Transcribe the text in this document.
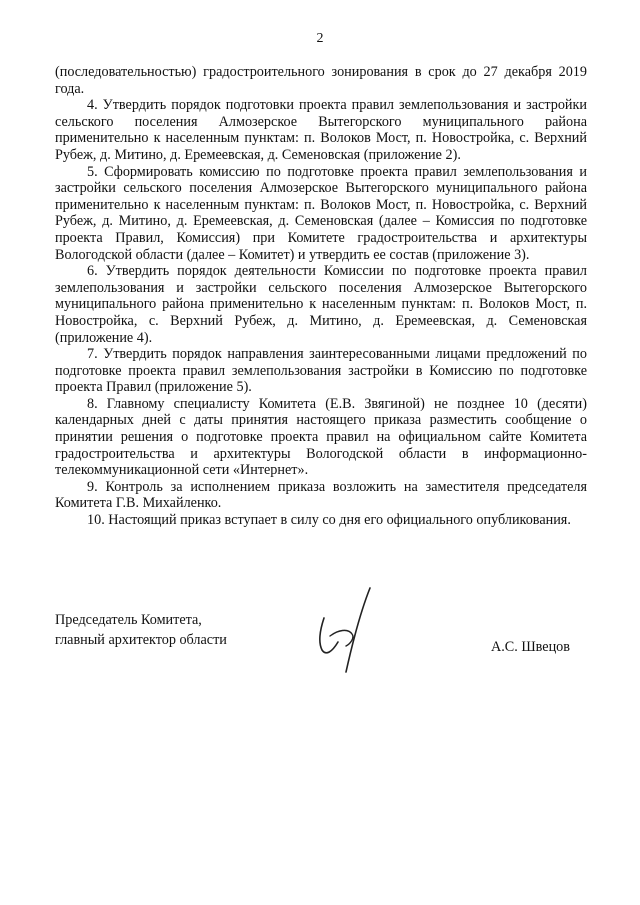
2

(последовательностью) градостроительного зонирования в срок до 27 декабря 2019 года.

4. Утвердить порядок подготовки проекта правил землепользования и застройки сельского поселения Алмозерское Вытегорского муниципального района применительно к населенным пунктам: п. Волоков Мост, п. Новостройка, с. Верхний Рубеж, д. Митино, д. Еремеевская, д. Семеновская (приложение 2).

5. Сформировать комиссию по подготовке проекта правил землепользования и застройки сельского поселения Алмозерское Вытегорского муниципального района применительно к населенным пунктам: п. Волоков Мост, п. Новостройка, с. Верхний Рубеж, д. Митино, д. Еремеевская, д. Семеновская (далее – Комиссия по подготовке проекта Правил, Комиссия) при Комитете градостроительства и архитектуры Вологодской области (далее – Комитет) и утвердить ее состав (приложение 3).

6. Утвердить порядок деятельности Комиссии по подготовке проекта правил землепользования и застройки сельского поселения Алмозерское Вытегорского муниципального района применительно к населенным пунктам: п. Волоков Мост, п. Новостройка, с. Верхний Рубеж, д. Митино, д. Еремеевская, д. Семеновская (приложение 4).

7. Утвердить порядок направления заинтересованными лицами предложений по подготовке проекта правил землепользования застройки в Комиссию по подготовке проекта Правил (приложение 5).

8. Главному специалисту Комитета (Е.В. Звягиной) не позднее 10 (десяти) календарных дней с даты принятия настоящего приказа разместить сообщение о принятии решения о подготовке проекта правил на официальном сайте Комитета градостроительства и архитектуры Вологодской области в информационно-телекоммуникационной сети «Интернет».

9. Контроль за исполнением приказа возложить на заместителя председателя Комитета Г.В. Михайленко.

10. Настоящий приказ вступает в силу со дня его официального опубликования.

Председатель Комитета,
главный архитектор области	А.С. Швецов
